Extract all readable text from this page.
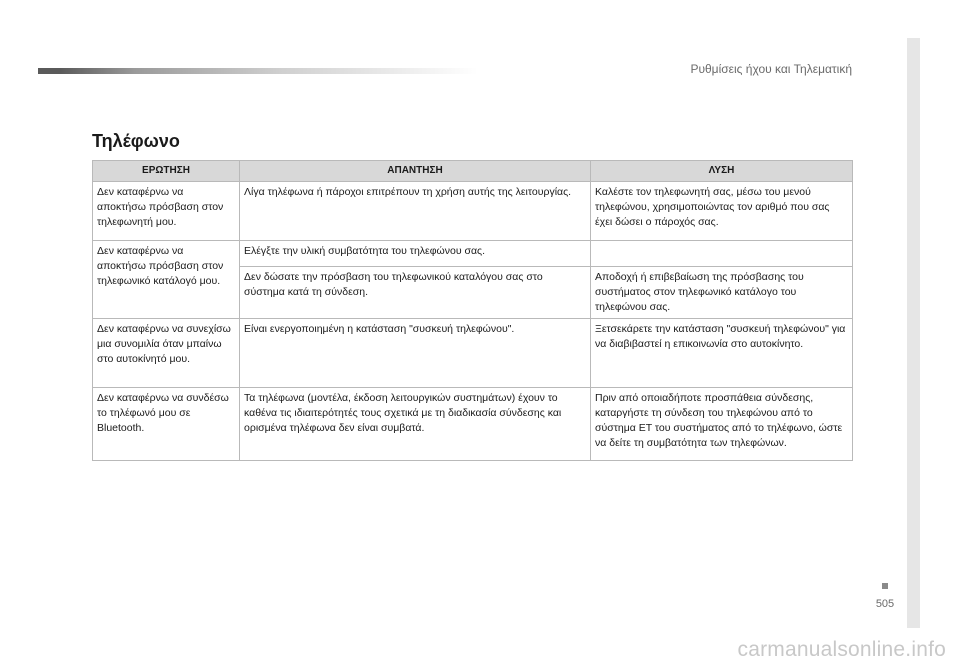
Ρυθμίσεις ήχου και Τηλεματική
Τηλέφωνο
ΕΡΩΤΗΣΗ	ΑΠΑΝΤΗΣΗ	ΛΥΣΗ
Δεν καταφέρνω να αποκτήσω πρόσβαση στον τηλεφωνητή μου.	Λίγα τηλέφωνα ή πάροχοι επιτρέπουν τη χρήση αυτής της λειτουργίας.	Καλέστε τον τηλεφωνητή σας, μέσω του μενού τηλεφώνου, χρησιμοποιώντας τον αριθμό που σας έχει δώσει ο πάροχός σας.
Δεν καταφέρνω να αποκτήσω πρόσβαση στον τηλεφωνικό κατάλογό μου.	Ελέγξτε την υλική συμβατότητα του τηλεφώνου σας.	
	Δεν δώσατε την πρόσβαση του τηλεφωνικού καταλόγου σας στο σύστημα κατά τη σύνδεση.	Αποδοχή ή επιβεβαίωση της πρόσβασης του συστήματος στον τηλεφωνικό κατάλογο του τηλεφώνου σας.
Δεν καταφέρνω να συνεχίσω μια συνομιλία όταν μπαίνω στο αυτοκίνητό μου.	Είναι ενεργοποιημένη η κατάσταση "συσκευή τηλεφώνου".	Ξετσεκάρετε την κατάσταση "συσκευή τηλεφώνου" για να διαβιβαστεί η επικοινωνία στο αυτοκίνητο.
Δεν καταφέρνω να συνδέσω το τηλέφωνό μου σε Bluetooth.	Τα τηλέφωνα (μοντέλα, έκδοση λειτουργικών συστημάτων) έχουν το καθένα τις ιδιαιτερότητές τους σχετικά με τη διαδικασία σύνδεσης και ορισμένα τηλέφωνα δεν είναι συμβατά.	Πριν από οποιαδήποτε προσπάθεια σύνδεσης, καταργήστε τη σύνδεση του τηλεφώνου από το σύστημα ET του συστήματος από το τηλέφωνο, ώστε να δείτε τη συμβατότητα των τηλεφώνων.
505
carmanualsonline.info
